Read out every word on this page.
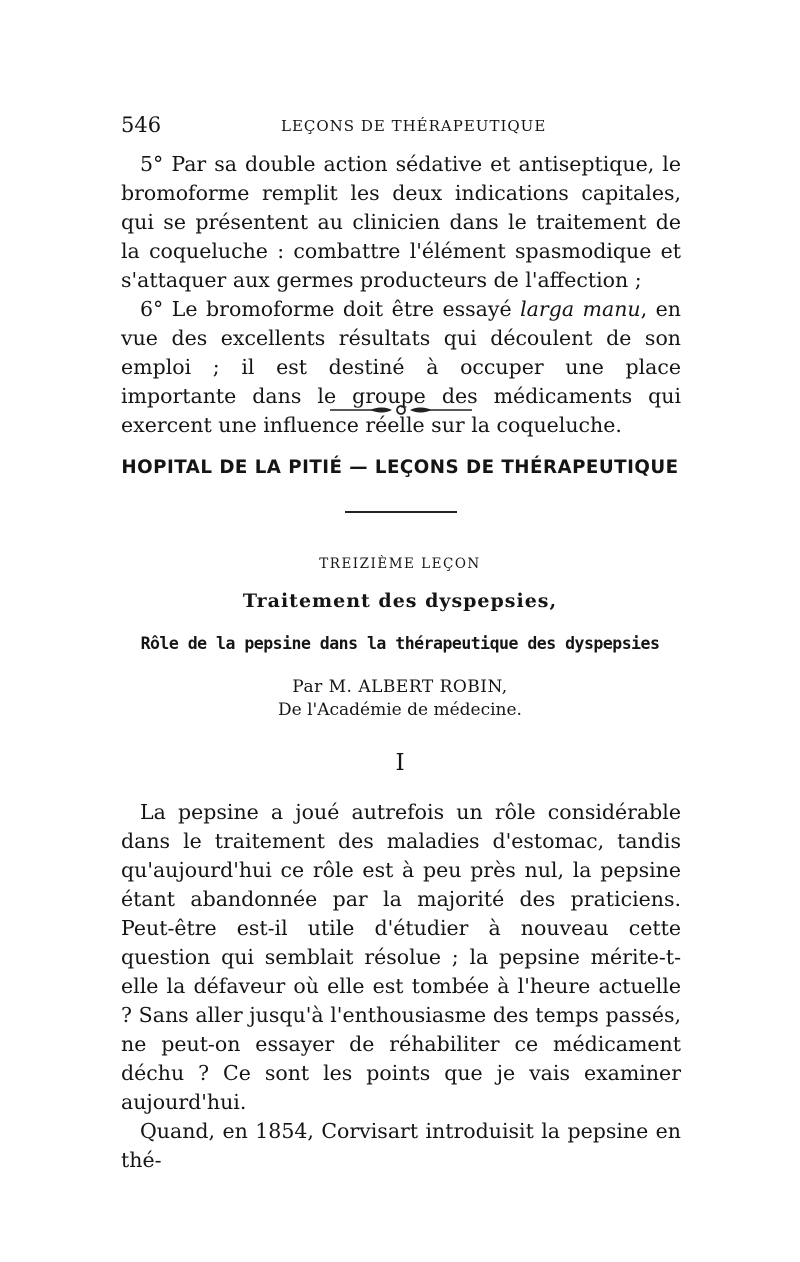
546	LEÇONS DE THÉRAPEUTIQUE

5° Par sa double action sédative et antiseptique, le bromoforme remplit les deux indications capitales, qui se présentent au clinicien dans le traitement de la coqueluche : combattre l'élément spasmodique et s'attaquer aux germes producteurs de l'affection ;

6° Le bromoforme doit être essayé larga manu, en vue des excellents résultats qui découlent de son emploi ; il est destiné à occuper une place importante dans le groupe des médicaments qui exercent une influence réelle sur la coqueluche.

HOPITAL DE LA PITIÉ — LEÇONS DE THÉRAPEUTIQUE
TREIZIÈME LEÇON
Traitement des dyspepsies,
Rôle de la pepsine dans la thérapeutique des dyspepsies
Par M. ALBERT ROBIN,
De l'Académie de médecine.
I

La pepsine a joué autrefois un rôle considérable dans le traitement des maladies d'estomac, tandis qu'aujourd'hui ce rôle est à peu près nul, la pepsine étant abandonnée par la majorité des praticiens. Peut-être est-il utile d'étudier à nouveau cette question qui semblait résolue ; la pepsine mérite-t-elle la défaveur où elle est tombée à l'heure actuelle ? Sans aller jusqu'à l'enthousiasme des temps passés, ne peut-on essayer de réhabiliter ce médicament déchu ? Ce sont les points que je vais examiner aujourd'hui.

Quand, en 1854, Corvisart introduisit la pepsine en thé-
